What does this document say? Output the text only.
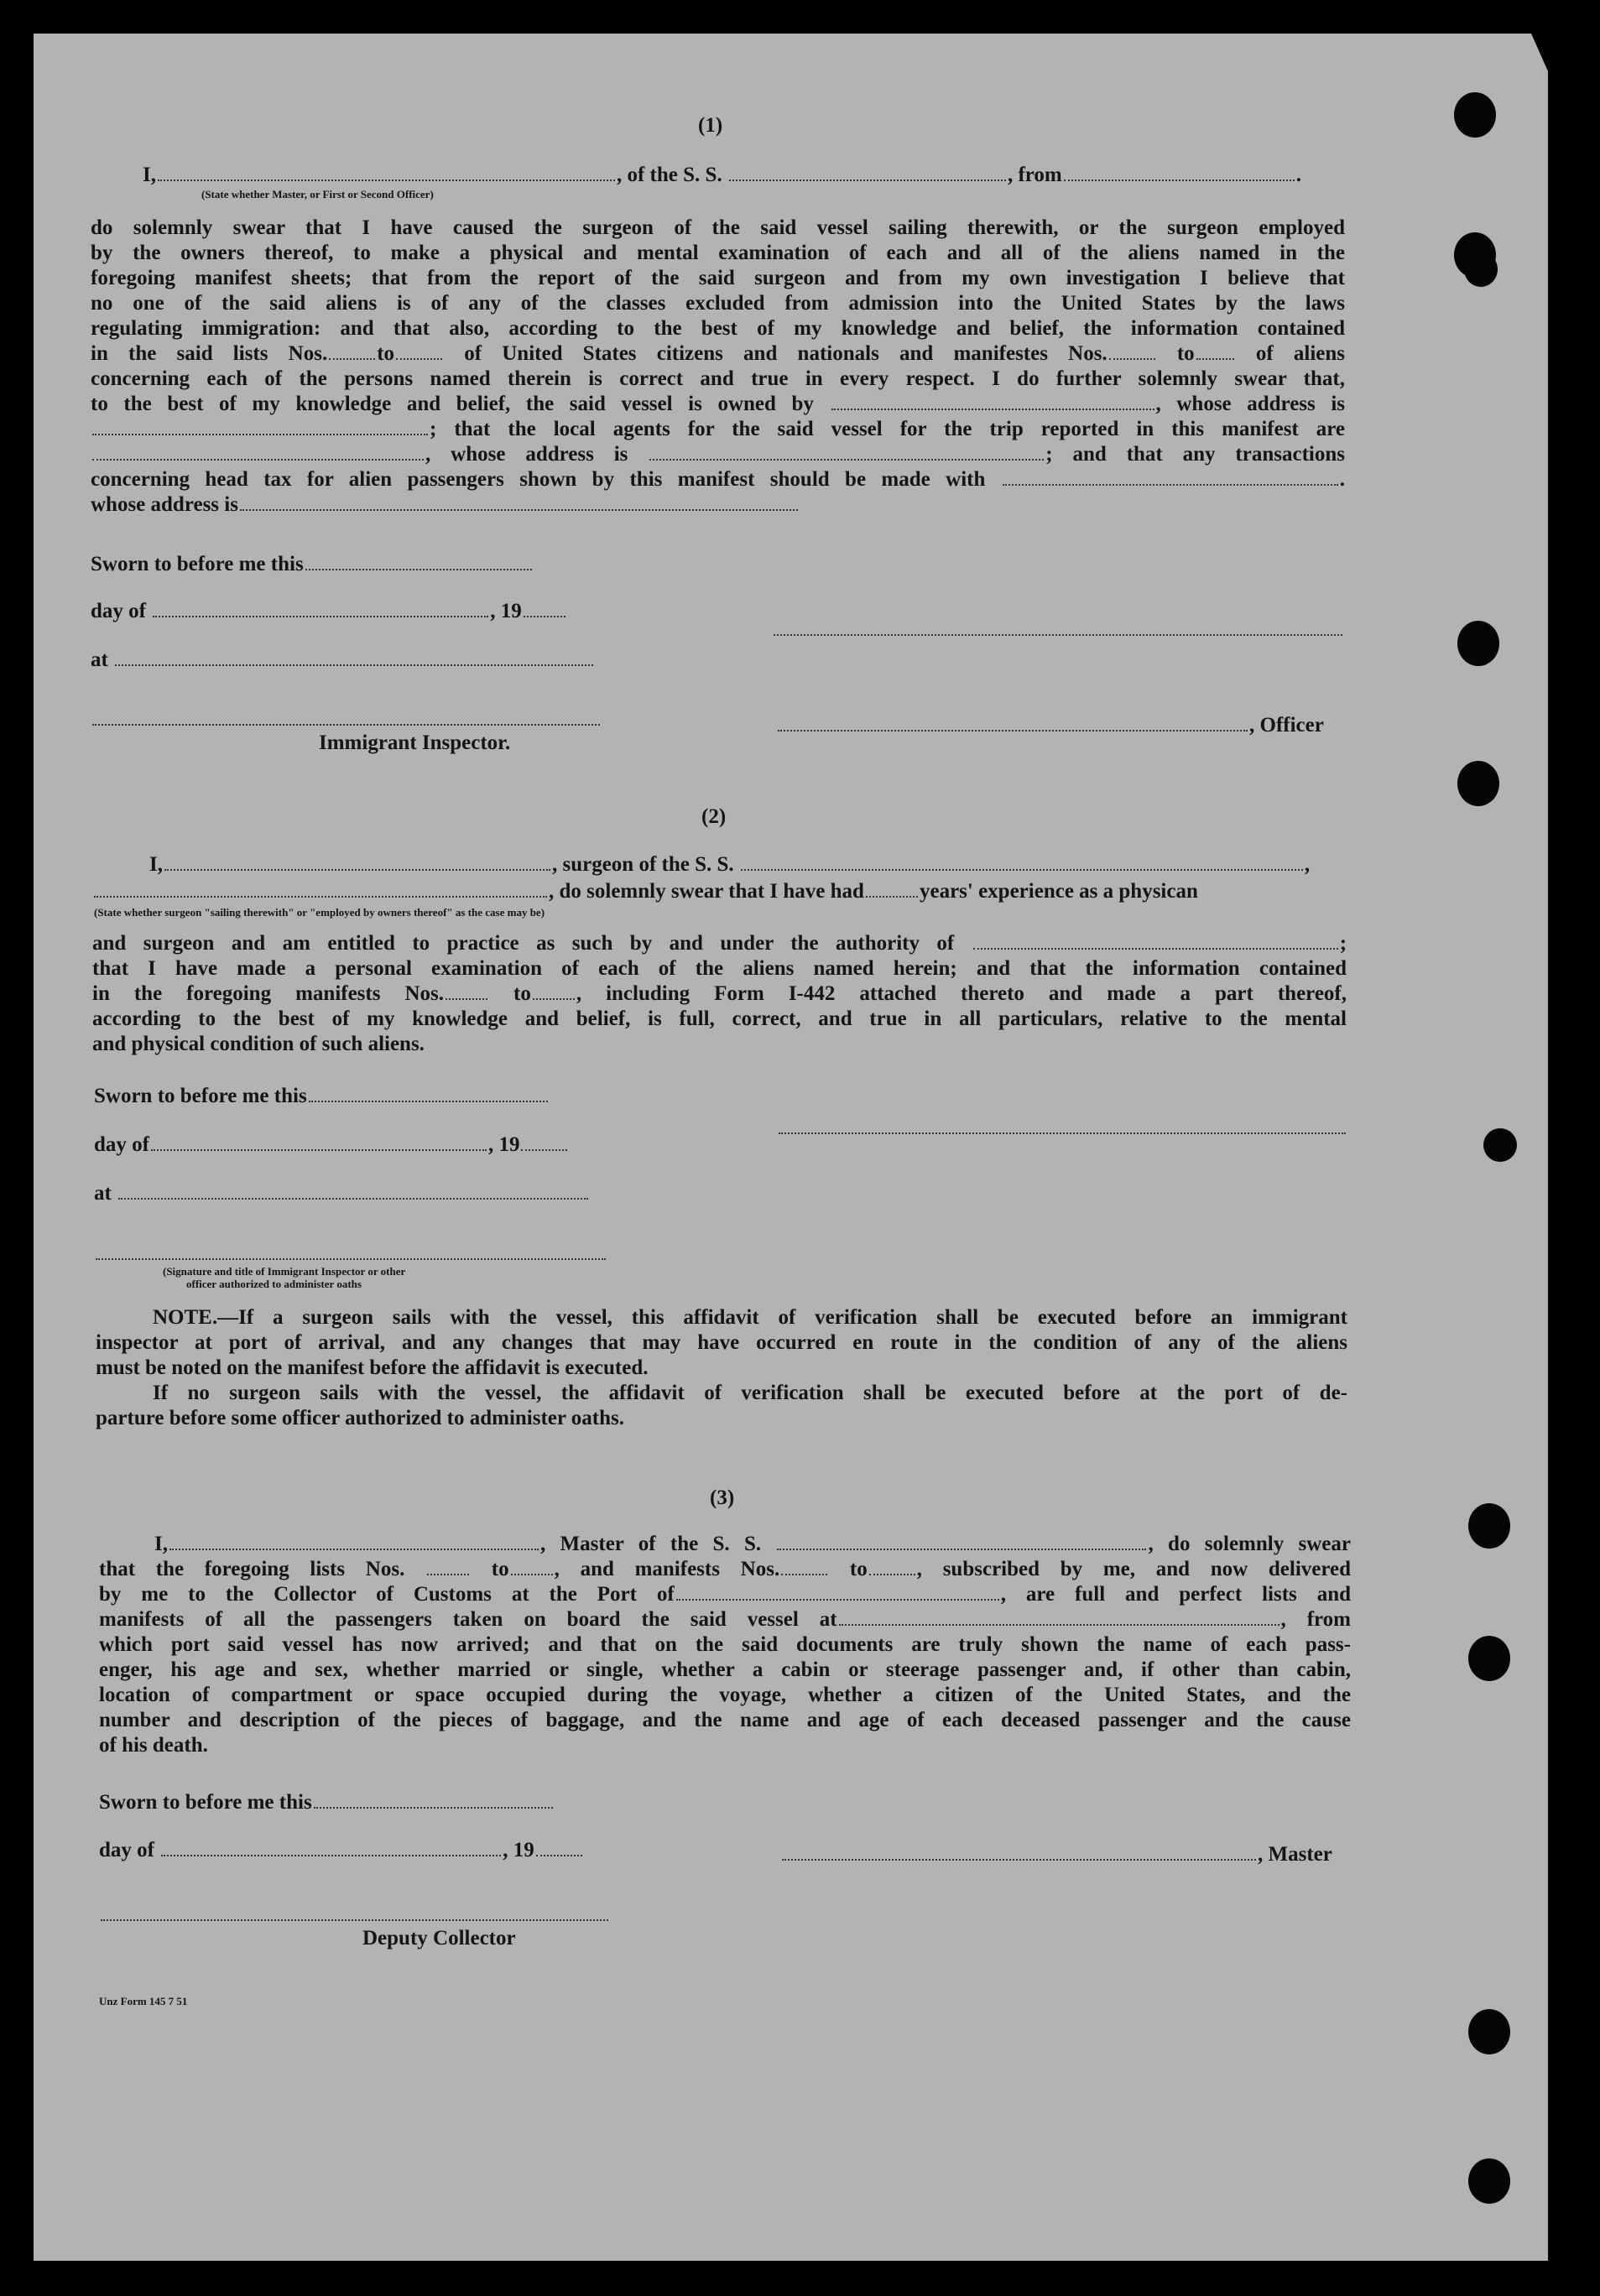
(1)
I,	, of the S. S.	, from	.
(State whether Master, or First or Second Officer)
do solemnly swear that I have caused the surgeon of the said vessel sailing therewith, or the surgeon employed
by the owners thereof, to make a physical and mental examination of each and all of the aliens named in the
foregoing manifest sheets; that from the report of the said surgeon and from my own investigation I believe that
no one of the said aliens is of any of the classes excluded from admission into the United States by the laws
regulating immigration: and that also, according to the best of my knowledge and belief, the information contained
in the said lists Nos. to	of United States citizens and nationals and manifestes Nos.	to	of aliens
concerning each of the persons named therein is correct and true in every respect. I do further solemnly swear that,
to the best of my knowledge and belief, the said vessel is owned by	, whose address is
; that the local agents for the said vessel for the trip reported in this manifest are
, whose address is	; and that any transactions
concerning head tax for alien passengers shown by this manifest should be made with	.
whose address is
Sworn to before me this
day of	, 19
at
, Officer
Immigrant Inspector.
(2)
I,	, surgeon of the S. S.	,
, do solemnly swear that I have had	years' experience as a physican
(State whether surgeon "sailing therewith" or "employed by owners thereof" as the case may be)
and surgeon and am entitled to practice as such by and under the authority of	;
that I have made a personal examination of each of the aliens named herein; and that the information contained
in the foregoing manifests Nos.	to , including Form I-442 attached thereto and made a part thereof,
according to the best of my knowledge and belief, is full, correct, and true in all particulars, relative to the mental
and physical condition of such aliens.
Sworn to before me this
day of	, 19
at
(Signature and title of Immigrant Inspector or other
officer authorized to administer oaths
NOTE.—If a surgeon sails with the vessel, this affidavit of verification shall be executed before an immigrant
inspector at port of arrival, and any changes that may have occurred en route in the condition of any of the aliens
must be noted on the manifest before the affidavit is executed.
If no surgeon sails with the vessel, the affidavit of verification shall be executed before at the port of de-
parture before some officer authorized to administer oaths.
(3)
I,	, Master of the S. S.	, do solemnly swear
that the foregoing lists Nos.	to , and manifests Nos.	to , subscribed by me, and now delivered
by me to the Collector of Customs at the Port of	, are full and perfect lists and
manifests of all the passengers taken on board the said vessel at	, from
which port said vessel has now arrived; and that on the said documents are truly shown the name of each pass-
enger, his age and sex, whether married or single, whether a cabin or steerage passenger and, if other than cabin,
location of compartment or space occupied during the voyage, whether a citizen of the United States, and the
number and description of the pieces of baggage, and the name and age of each deceased passenger and the cause
of his death.
Sworn to before me this
day of	, 19	, Master
Deputy Collector
Unz Form 145 7 51
